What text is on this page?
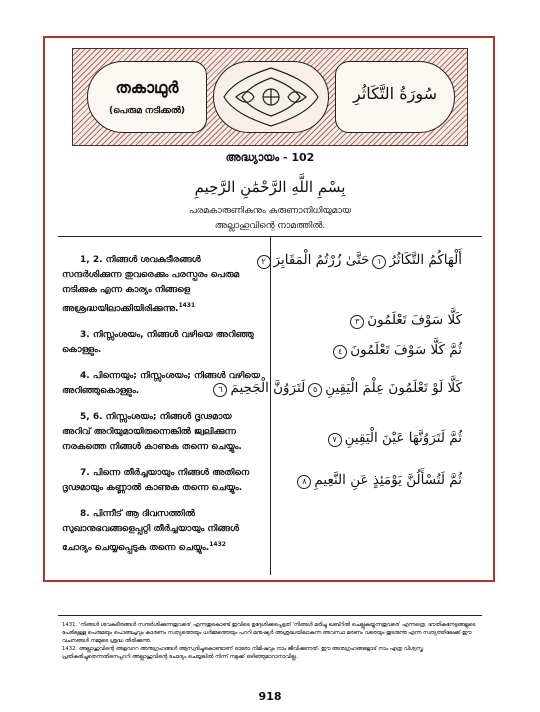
തകാഥുർ
(പെരുമ നടിക്കൽ)
سُورَةُ التَّكَاثُرِ
അദ്ധ്യായം - 102
بِسْمِ اللَّهِ الرَّحْمَٰنِ الرَّحِيمِ
പരമകാരുണികനും കരുണാനിധിയുമായ
അല്ലാഹുവിന്റെ നാമത്തിൽ.

1, 2. നിങ്ങൾ ശവകുടീരങ്ങൾ സന്ദർശിക്കുന്ന തുവരെക്കും പരസ്പരം പെരുമ നടിക്കുക എന്ന കാര്യം നിങ്ങളെ അശ്രദ്ധയിലാക്കിയിരിക്കുന്നു.$^{1431}$

3. നിസ്സംശയം, നിങ്ങൾ വഴിയെ അറിഞ്ഞു കൊള്ളും.

4. പിന്നെയും; നിസ്സംശയം; നിങ്ങൾ വഴിയെ അറിഞ്ഞുകൊള്ളും.

5, 6. നിസ്സംശയം; നിങ്ങൾ ദൃഢമായ അറിവ് അറിയുമായിരുന്നെങ്കിൽ ജ്വലിക്കുന്ന നരകത്തെ നിങ്ങൾ കാണുക തന്നെ ചെയ്യും.

7. പിന്നെ തീർച്ചയായും നിങ്ങൾ അതിനെ ദൃഢമായും കണ്ണാൽ കാണുക തന്നെ ചെയ്യും.

8. പിന്നീട് ആ ദിവസത്തിൽ സുഖാനുഭവങ്ങളെപ്പറ്റി തീർച്ചയായും നിങ്ങൾ ചോദ്യം ചെയ്യപ്പെടുക തന്നെ ചെയ്യും.$^{1432}$

أَلْهَاكُمُ التَّكَاثُرُ١حَتَّىٰ زُرْتُمُ الْمَقَابِرَ٢
كَلَّا سَوْفَ تَعْلَمُونَ٣
ثُمَّ كَلَّا سَوْفَ تَعْلَمُونَ٤
كَلَّا لَوْ تَعْلَمُونَ عِلْمَ الْيَقِينِ٥لَتَرَوُنَّ الْجَحِيمَ٦
ثُمَّ لَتَرَوُنَّهَا عَيْنَ الْيَقِينِ٧
ثُمَّ لَتُسْأَلُنَّ يَوْمَئِذٍ عَنِ النَّعِيمِ٨
1431. 'നിങ്ങൾ ശവകുടീരങ്ങൾ സന്ദർശിക്കുന്നതുവരെ' എന്നതുകൊണ്ട് ഇവിടെ ഉദ്ദേശിക്കപ്പെട്ടത് 'നിങ്ങൾ മരിച്ചു ഖബ്റിൽ ചെല്ലുകയ്യുന്നതുവരെ' എന്നത്രെ. ഭൗതികനേട്ടങ്ങളുടെ പേരിലുള്ള പെരുമയും പൊങ്ങച്ചവും കാരണം സത്യത്തെയും ധർമ്മത്തെയും പററി മനുഷ്യർ അശ്രദ്ധയിലാകുന്ന അവസ്ഥ മരണം വരെയും തുടരുന്നു എന്ന സത്യത്തിലേക്ക് ഈ വചനങ്ങൾ നമ്മുടെ ശ്രദ്ധ തിരിക്കുന്നു.
1432. അല്ലാഹുവിന്റെ അളവററ അനുഗ്രഹങ്ങൾ ആസ്വദിച്ചുകൊണ്ടാണ് ഓരോ നിമിഷവും നാം ജീവിക്കുന്നത്. ഈ അനുഗ്രഹങ്ങളോട് നാം എത്ര വിശ്വസ്ത പ്രതികരിച്ചുതെന്നതിനെപ്പററി അല്ലാഹുവിന്റെ ചോദ്യം ചെയ്യലിൽ നിന്ന് നമുക്ക് ഒഴിഞ്ഞുമാറാനാവില്ല.
918
